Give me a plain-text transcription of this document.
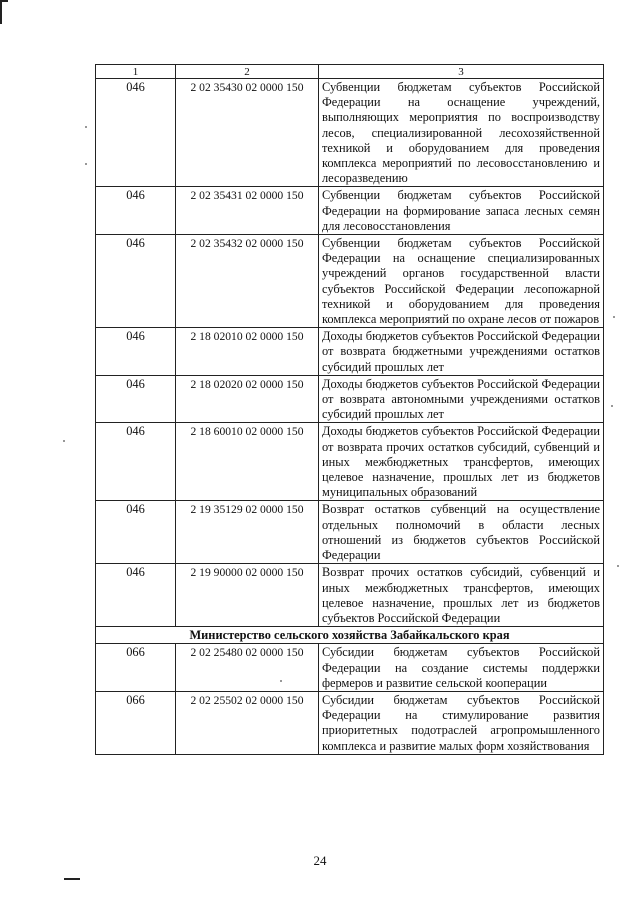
1	2	3
046	2 02 35430 02 0000 150	Субвенции бюджетам субъектов Российской Федерации на оснащение учреждений, выполняющих мероприятия по воспроизводству лесов, специализированной лесохозяйственной техникой и оборудованием для проведения комплекса мероприятий по лесовосстановлению и лесоразведению
046	2 02 35431 02 0000 150	Субвенции бюджетам субъектов Российской Федерации на формирование запаса лесных семян для лесовосстановления
046	2 02 35432 02 0000 150	Субвенции бюджетам субъектов Российской Федерации на оснащение специализированных учреждений органов государственной власти субъектов Российской Федерации лесопожарной техникой и оборудованием для проведения комплекса мероприятий по охране лесов от пожаров
046	2 18 02010 02 0000 150	Доходы бюджетов субъектов Российской Федерации от возврата бюджетными учреждениями остатков субсидий прошлых лет
046	2 18 02020 02 0000 150	Доходы бюджетов субъектов Российской Федерации от возврата автономными учреждениями остатков субсидий прошлых лет
046	2 18 60010 02 0000 150	Доходы бюджетов субъектов Российской Федерации от возврата прочих остатков субсидий, субвенций и иных межбюджетных трансфертов, имеющих целевое назначение, прошлых лет из бюджетов муниципальных образований
046	2 19 35129 02 0000 150	Возврат остатков субвенций на осуществление отдельных полномочий в области лесных отношений из бюджетов субъектов Российской Федерации
046	2 19 90000 02 0000 150	Возврат прочих остатков субсидий, субвенций и иных межбюджетных трансфертов, имеющих целевое назначение, прошлых лет из бюджетов субъектов Российской Федерации
Министерство сельского хозяйства Забайкальского края		
066	2 02 25480 02 0000 150	Субсидии бюджетам субъектов Российской Федерации на создание системы поддержки фермеров и развитие сельской кооперации
066	2 02 25502 02 0000 150	Субсидии бюджетам субъектов Российской Федерации на стимулирование развития приоритетных подотраслей агропромышленного комплекса и развитие малых форм хозяйствования
24
